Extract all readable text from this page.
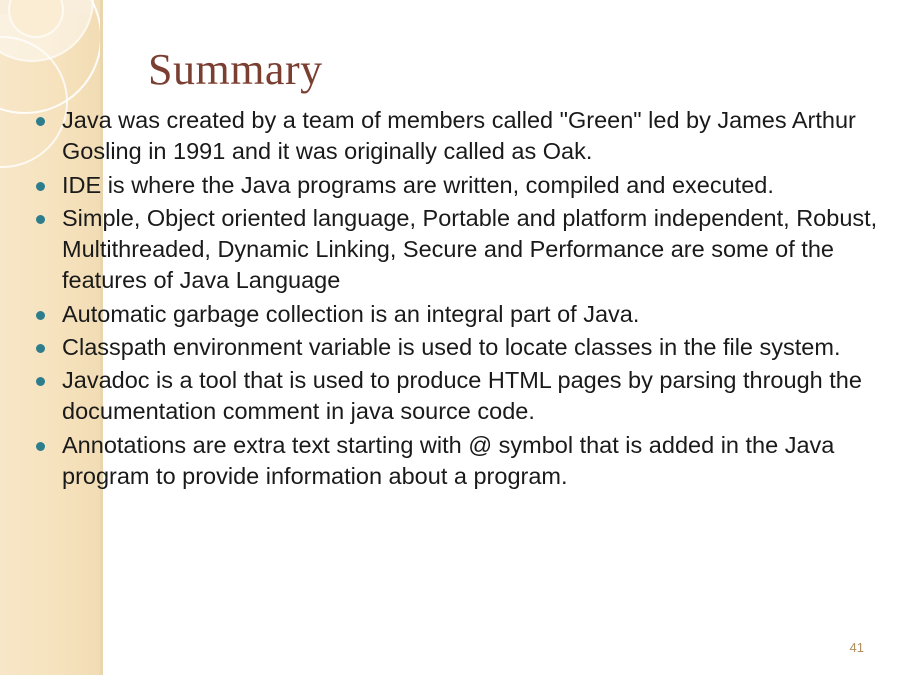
Summary
Java was created by a team of members called "Green" led by James Arthur Gosling in 1991 and it was originally called as Oak.
IDE is where the Java programs are written, compiled and executed.
Simple, Object oriented language, Portable and platform independent, Robust, Multithreaded, Dynamic Linking, Secure and Performance are some of the features of Java Language
Automatic garbage collection is an integral part of Java.
Classpath environment variable is used to locate classes in the file system.
Javadoc is a tool that is used to produce HTML pages by parsing through the documentation comment in java source code.
Annotations are extra text starting with @ symbol that is added in the Java program to provide information about a program.
41
